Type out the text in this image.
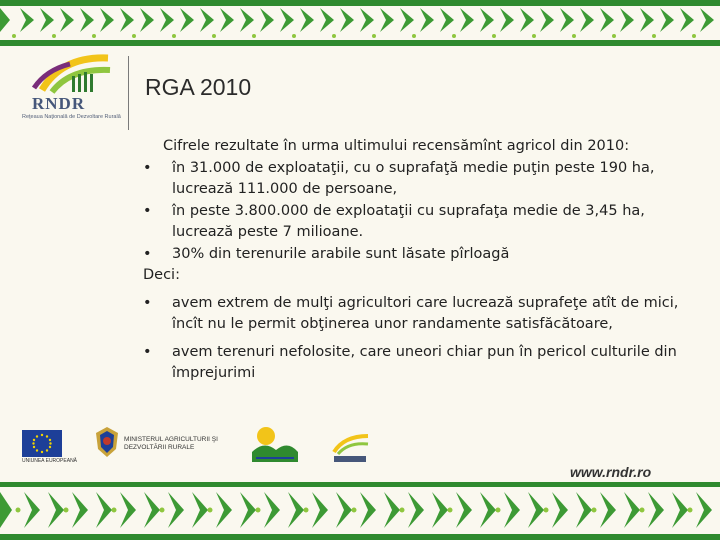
RNDR
Reţeaua Naţională de Dezvoltare Rurală
RGA 2010
Cifrele rezultate în urma ultimului recensămînt agricol din 2010:
•	în 31.000 de exploataţii, cu o suprafaţă medie puţin peste 190 ha, lucrează 111.000 de persoane,
•	în peste 3.800.000 de exploataţii cu suprafaţa medie de 3,45 ha, lucrează peste 7 milioane.
•	30% din terenurile arabile sunt lăsate pîrloagă
Deci:
•	avem extrem de mulţi agricultori care lucrează suprafeţe atît de mici, încît nu le permit obţinerea unor randamente satisfăcătoare,
•	avem terenuri nefolosite, care uneori chiar pun în pericol culturile din împrejurimi
UNIUNEA EUROPEANĂ
MINISTERUL AGRICULTURII ŞI DEZVOLTĂRII RURALE
www.rndr.ro
